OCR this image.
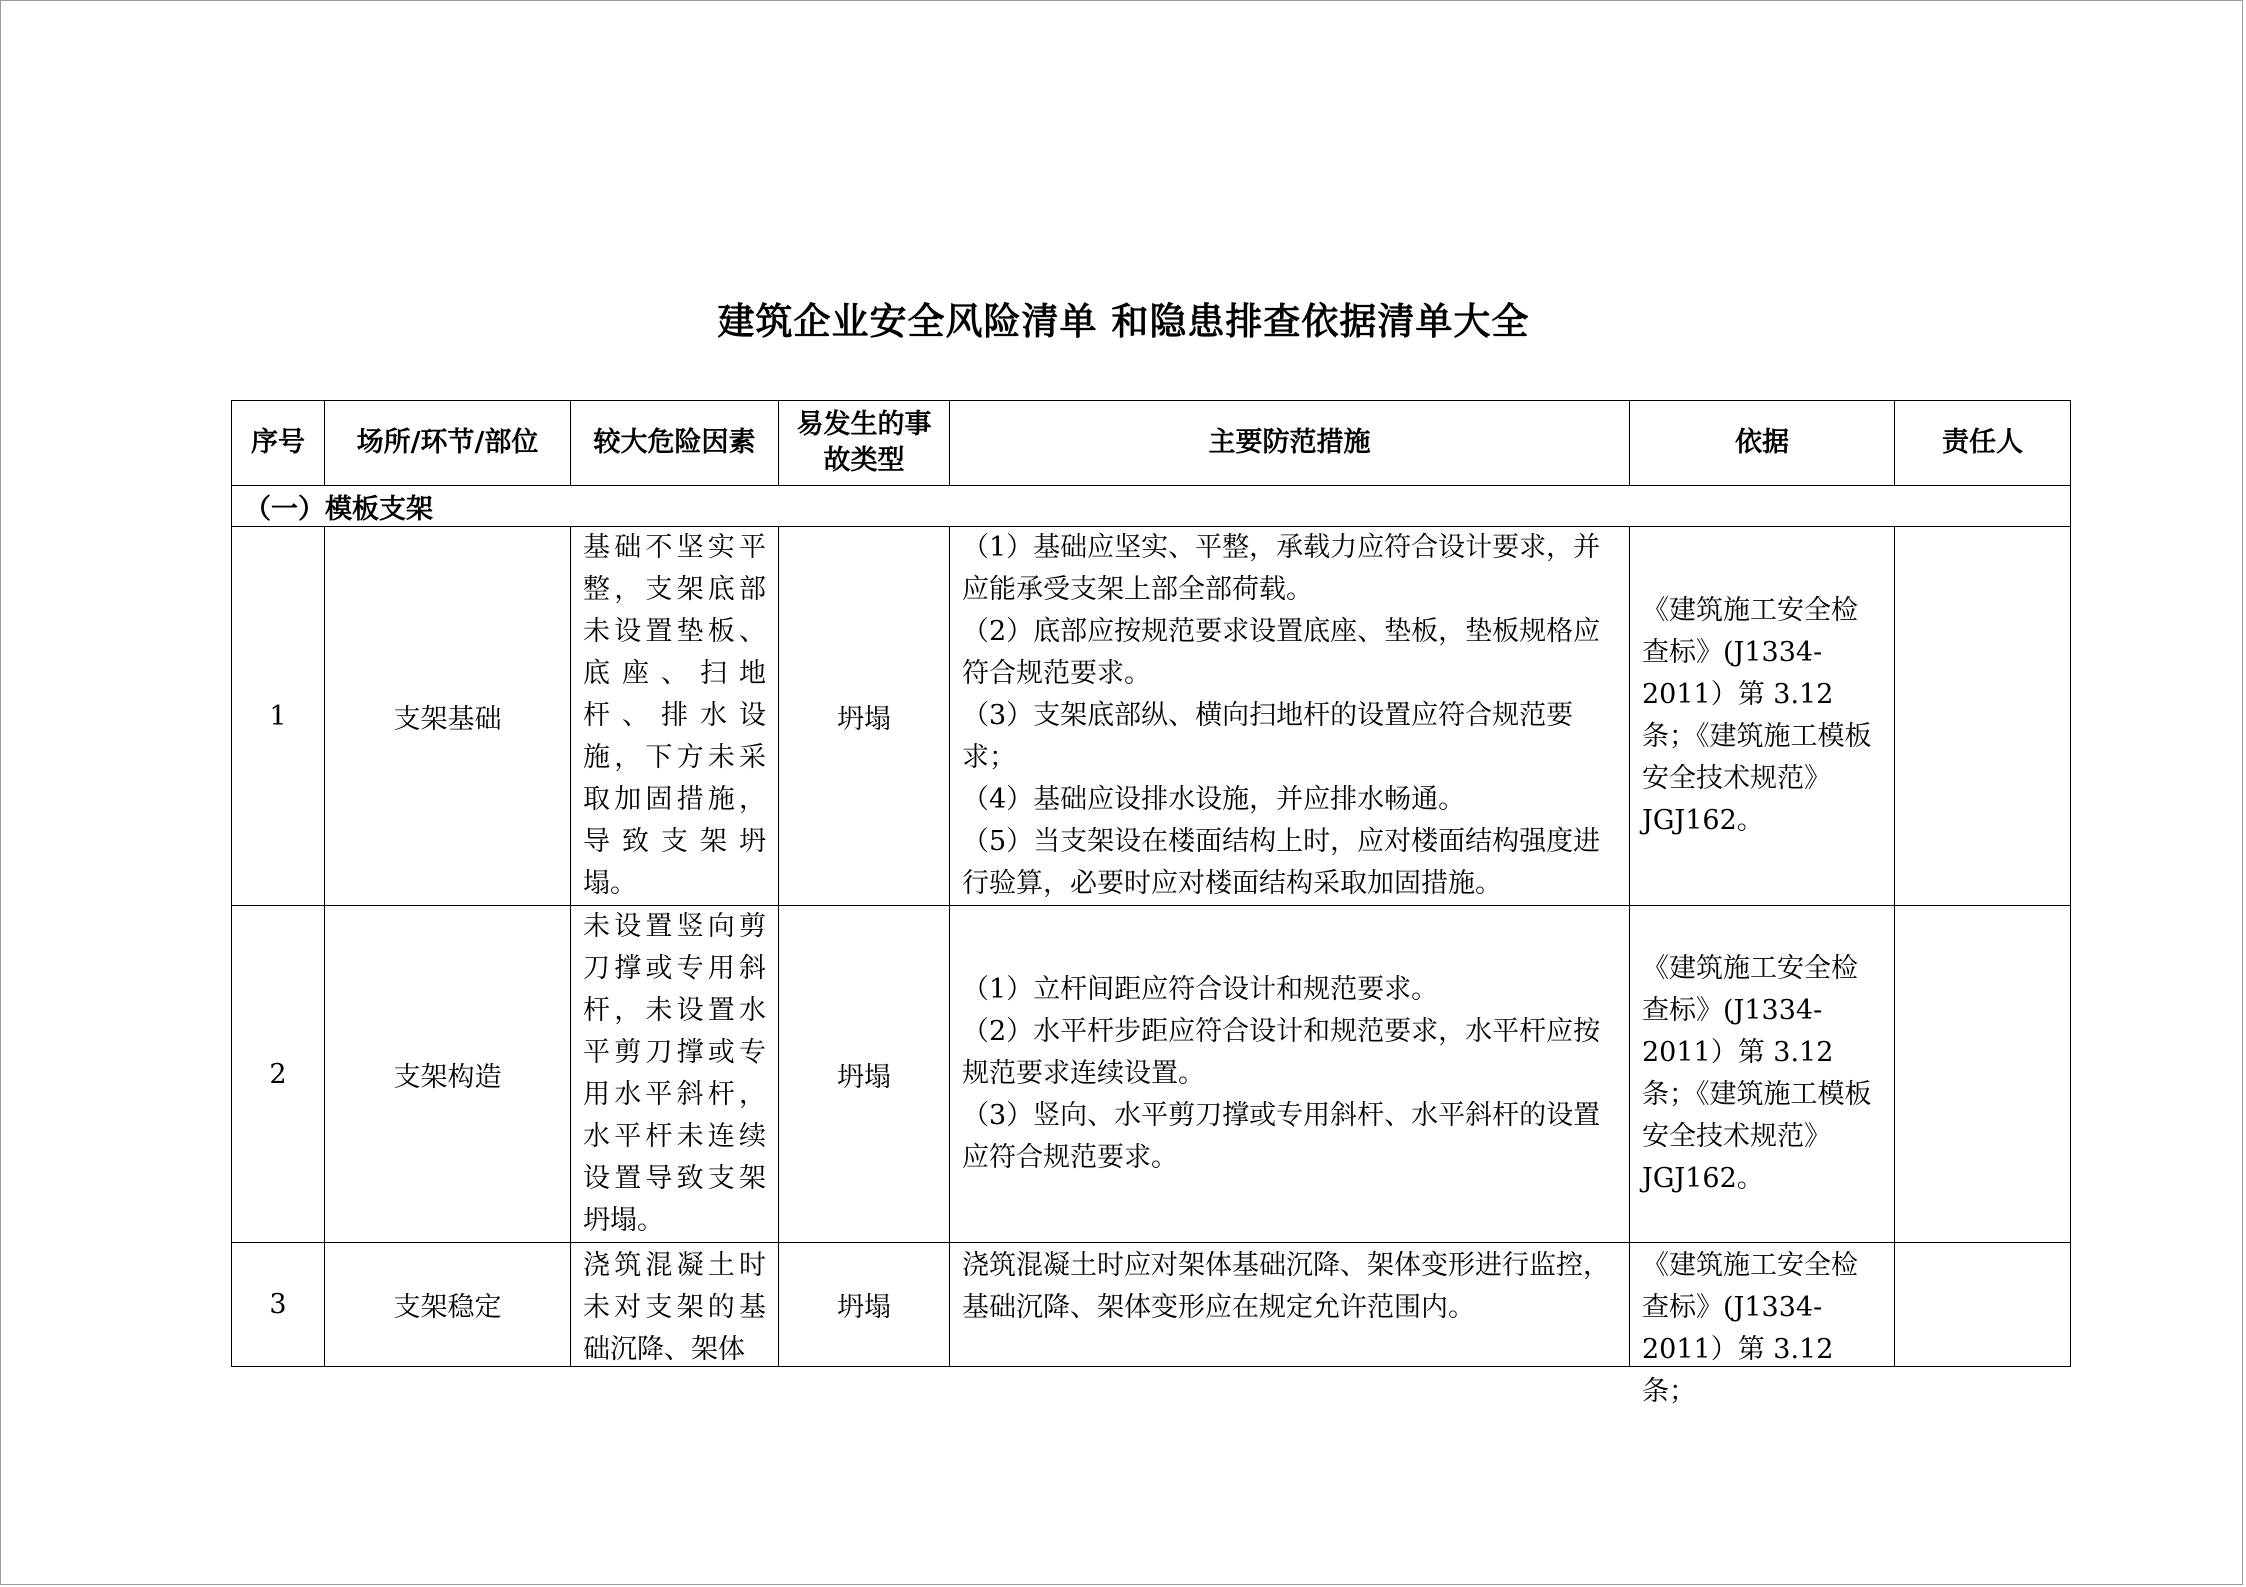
建筑企业安全风险清单 和隐患排查依据清单大全
序号	场所/环节/部位	较大危险因素	易发生的事故类型	主要防范措施	依据	责任人
（一）模板支架						
1	支架基础	基础不坚实平整，支架底部未设置垫板、底座、扫地杆、排水设施，下方未采取加固措施，导致支架坍塌。	坍塌	（1）基础应坚实、平整，承载力应符合设计要求，并应能承受支架上部全部荷载。
（2）底部应按规范要求设置底座、垫板，垫板规格应符合规范要求。
（3）支架底部纵、横向扫地杆的设置应符合规范要求；
（4）基础应设排水设施，并应排水畅通。
（5）当支架设在楼面结构上时，应对楼面结构强度进行验算，必要时应对楼面结构采取加固措施。	《建筑施工安全检查标》(J1334-2011）第 3.12 条；《建筑施工模板安全技术规范》JGJ162。	
2	支架构造	未设置竖向剪刀撑或专用斜杆，未设置水平剪刀撑或专用水平斜杆，水平杆未连续设置导致支架坍塌。	坍塌	（1）立杆间距应符合设计和规范要求。
（2）水平杆步距应符合设计和规范要求，水平杆应按规范要求连续设置。
（3）竖向、水平剪刀撑或专用斜杆、水平斜杆的设置应符合规范要求。	《建筑施工安全检查标》(J1334-2011）第 3.12 条；《建筑施工模板安全技术规范》JGJ162。	
3	支架稳定	浇筑混凝土时未对支架的基础沉降、架体	坍塌	浇筑混凝土时应对架体基础沉降、架体变形进行监控，基础沉降、架体变形应在规定允许范围内。	《建筑施工安全检查标》(J1334-2011）第 3.12 条；	
